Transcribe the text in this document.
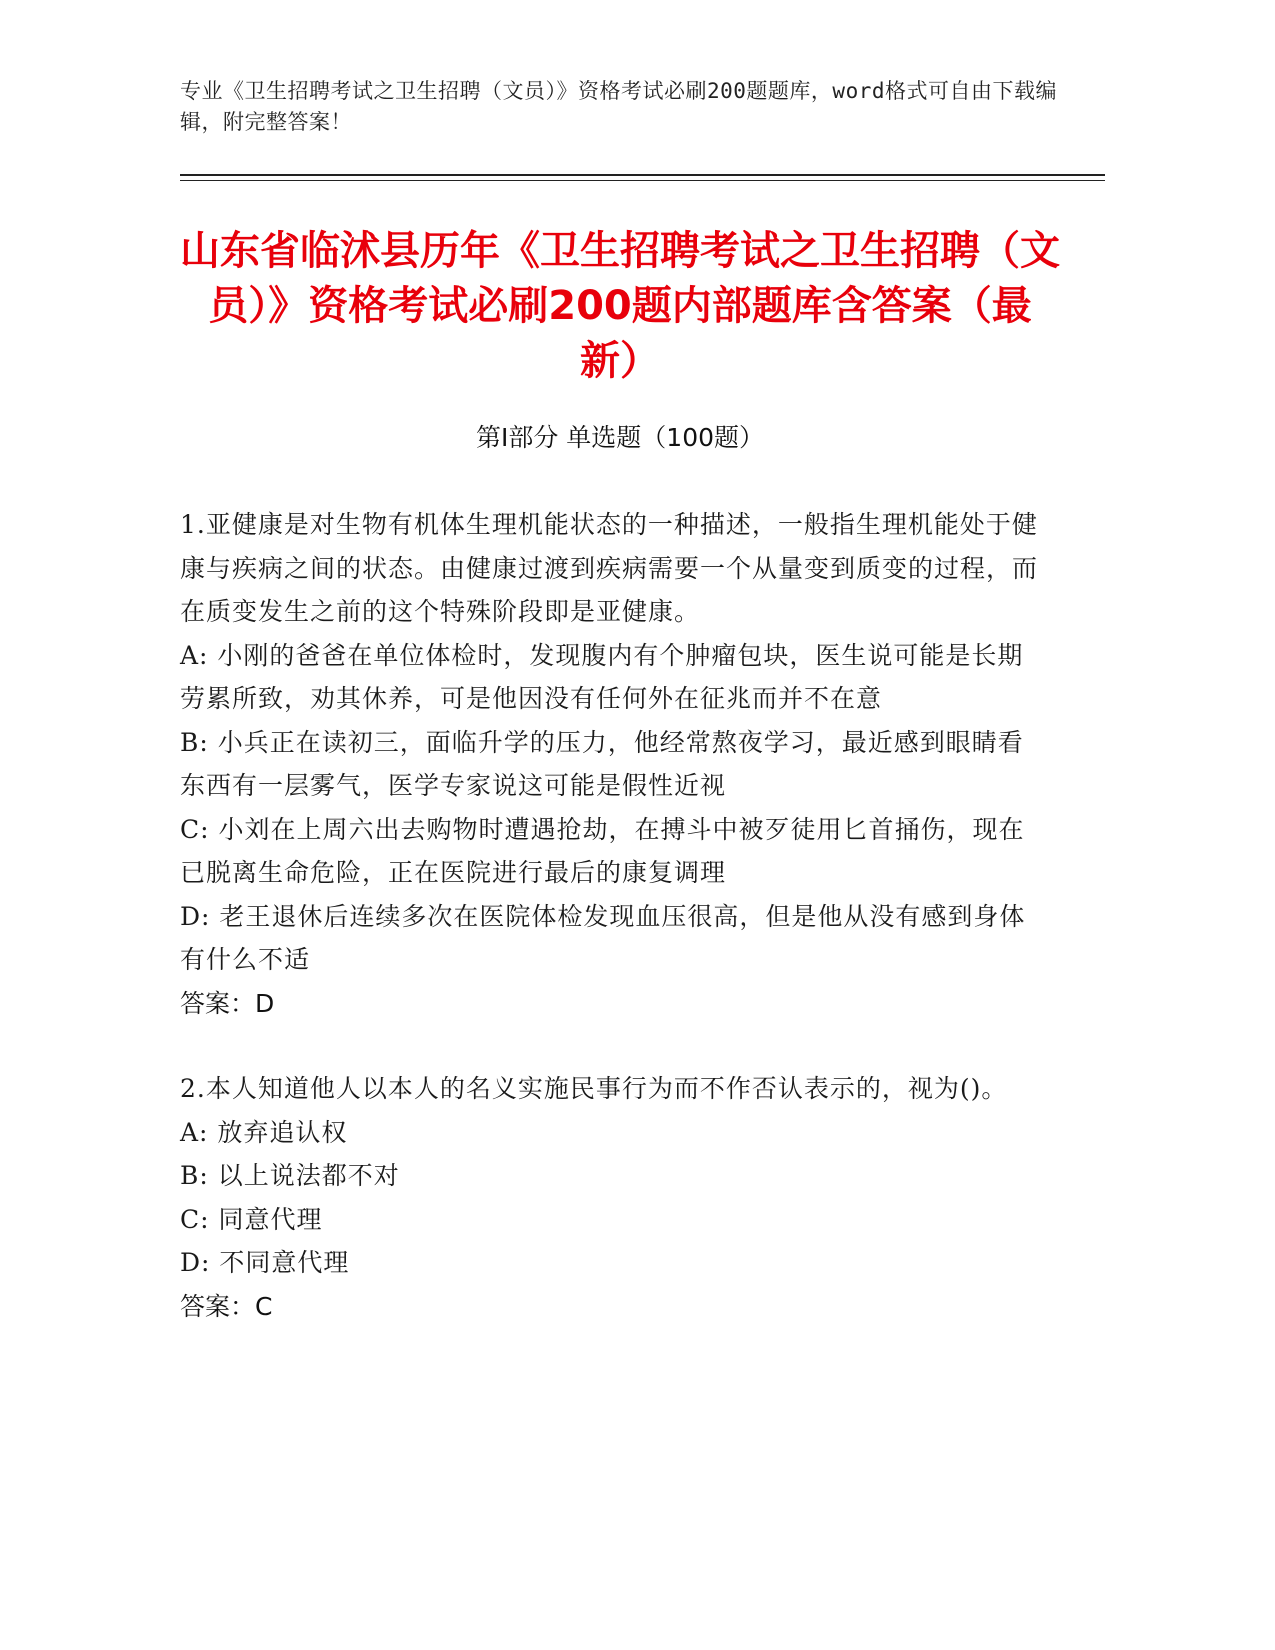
专业《卫生招聘考试之卫生招聘（文员）》资格考试必刷200题题库，word格式可自由下载编辑，附完整答案！
山东省临沭县历年《卫生招聘考试之卫生招聘（文员）》资格考试必刷200题内部题库含答案（最新）
第I部分 单选题（100题）
1.亚健康是对生物有机体生理机能状态的一种描述，一般指生理机能处于健康与疾病之间的状态。由健康过渡到疾病需要一个从量变到质变的过程，而在质变发生之前的这个特殊阶段即是亚健康。
A: 小刚的爸爸在单位体检时，发现腹内有个肿瘤包块，医生说可能是长期劳累所致，劝其休养，可是他因没有任何外在征兆而并不在意
B: 小兵正在读初三，面临升学的压力，他经常熬夜学习，最近感到眼睛看东西有一层雾气，医学专家说这可能是假性近视
C: 小刘在上周六出去购物时遭遇抢劫，在搏斗中被歹徒用匕首捅伤，现在已脱离生命危险，正在医院进行最后的康复调理
D: 老王退休后连续多次在医院体检发现血压很高，但是他从没有感到身体有什么不适
答案：D
2.本人知道他人以本人的名义实施民事行为而不作否认表示的，视为()。
A: 放弃追认权
B: 以上说法都不对
C: 同意代理
D: 不同意代理
答案：C
